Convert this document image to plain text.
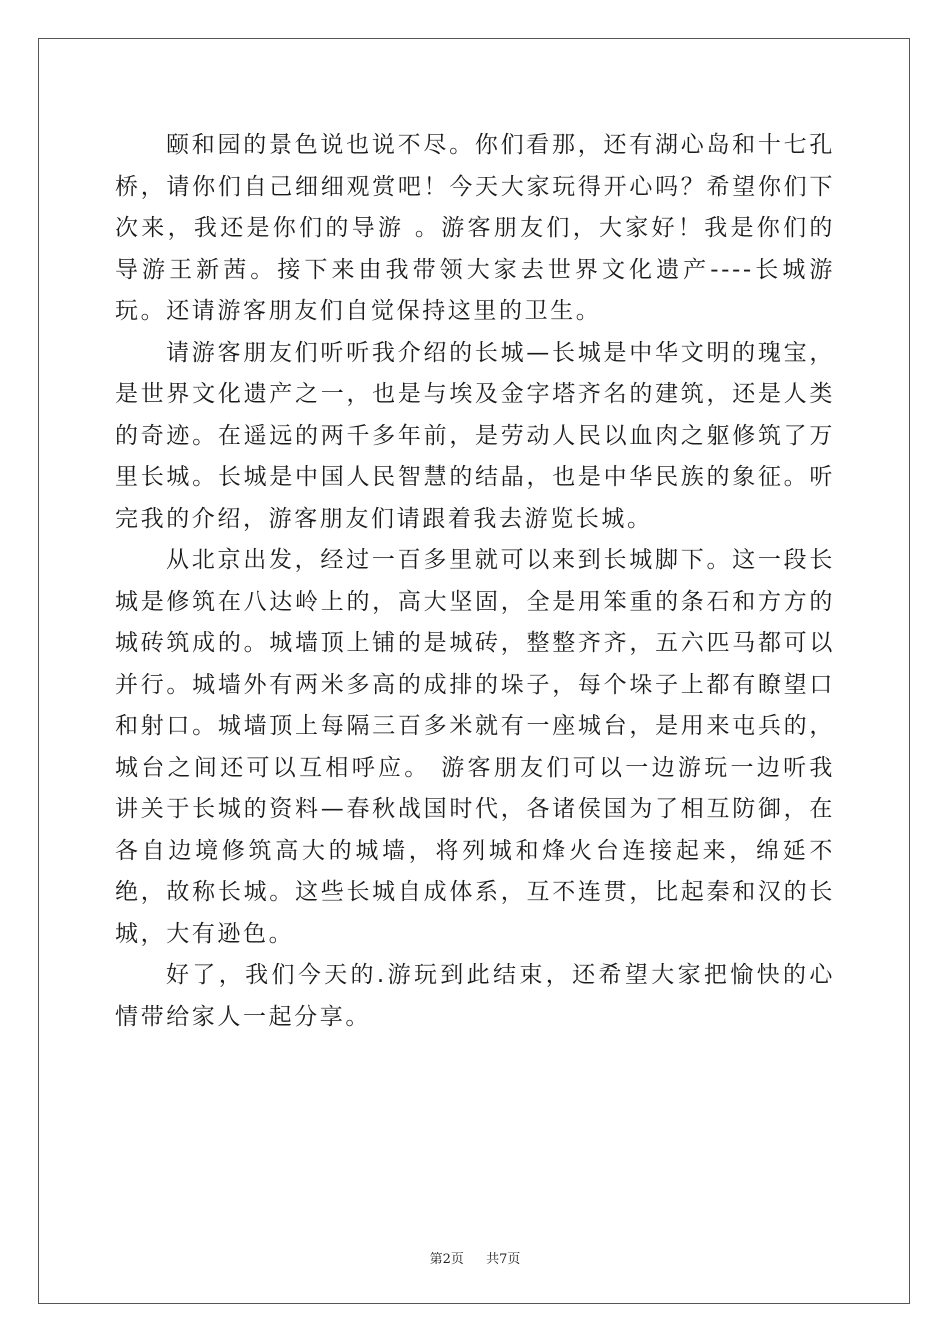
颐和园的景色说也说不尽。你们看那，还有湖心岛和十七孔桥，请你们自己细细观赏吧！今天大家玩得开心吗？希望你们下次来，我还是你们的导游 。游客朋友们，大家好！我是你们的导游王新茜。接下来由我带领大家去世界文化遗产----长城游玩。还请游客朋友们自觉保持这里的卫生。

请游客朋友们听听我介绍的长城—长城是中华文明的瑰宝，是世界文化遗产之一，也是与埃及金字塔齐名的建筑，还是人类的奇迹。在遥远的两千多年前，是劳动人民以血肉之躯修筑了万里长城。长城是中国人民智慧的结晶，也是中华民族的象征。听完我的介绍，游客朋友们请跟着我去游览长城。

从北京出发，经过一百多里就可以来到长城脚下。这一段长城是修筑在八达岭上的，高大坚固，全是用笨重的条石和方方的城砖筑成的。城墙顶上铺的是城砖，整整齐齐，五六匹马都可以并行。城墙外有两米多高的成排的垛子，每个垛子上都有瞭望口和射口。城墙顶上每隔三百多米就有一座城台，是用来屯兵的，城台之间还可以互相呼应。 游客朋友们可以一边游玩一边听我讲关于长城的资料—春秋战国时代，各诸侯国为了相互防御，在各自边境修筑高大的城墙，将列城和烽火台连接起来，绵延不绝，故称长城。这些长城自成体系，互不连贯，比起秦和汉的长城，大有逊色。

好了，我们今天的.游玩到此结束，还希望大家把愉快的心情带给家人一起分享。

第2页 共7页
